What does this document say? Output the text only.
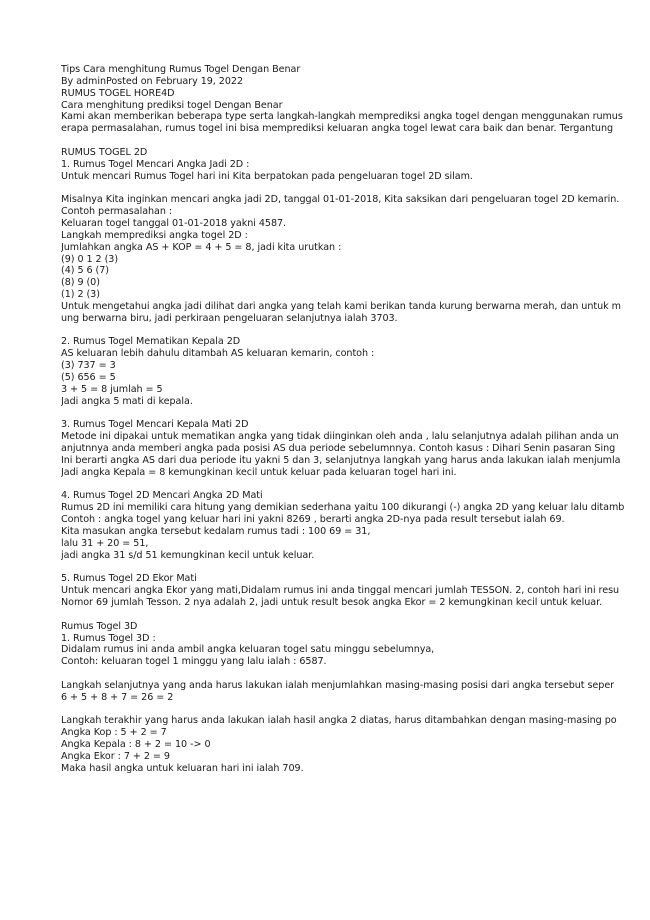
Tips Cara menghitung Rumus Togel Dengan Benar
By adminPosted on February 19, 2022
RUMUS TOGEL HORE4D
Cara menghitung prediksi togel Dengan Benar
Kami akan memberikan beberapa type serta langkah-langkah memprediksi angka togel dengan menggunakan rumus
erapa permasalahan, rumus togel ini bisa memprediksi keluaran angka togel lewat cara baik dan benar. Tergantung
RUMUS TOGEL 2D
1. Rumus Togel Mencari Angka Jadi 2D :
Untuk mencari Rumus Togel hari ini Kita berpatokan pada pengeluaran togel 2D silam.
Misalnya Kita inginkan mencari angka jadi 2D, tanggal 01-01-2018, Kita saksikan dari pengeluaran togel 2D kemarin.
Contoh permasalahan :
Keluaran togel tanggal 01-01-2018 yakni 4587.
Langkah memprediksi angka togel 2D :
Jumlahkan angka AS + KOP = 4 + 5 = 8, jadi kita urutkan :
(9) 0 1 2 (3)
(4) 5 6 (7)
(8) 9 (0)
(1) 2 (3)
Untuk mengetahui angka jadi dilihat dari angka yang telah kami berikan tanda kurung berwarna merah, dan untuk m
ung berwarna biru, jadi perkiraan pengeluaran selanjutnya ialah 3703.
2. Rumus Togel Mematikan Kepala 2D
AS keluaran lebih dahulu ditambah AS keluaran kemarin, contoh :
(3) 737 = 3
(5) 656 = 5
3 + 5 = 8 jumlah = 5
Jadi angka 5 mati di kepala.
3. Rumus Togel Mencari Kepala Mati 2D
Metode ini dipakai untuk mematikan angka yang tidak diinginkan oleh anda , lalu selanjutnya adalah pilihan anda un
anjutnnya anda memberi angka pada posisi AS dua periode sebelumnnya. Contoh kasus : Dihari Senin pasaran Sing
Ini berarti angka AS dari dua periode itu yakni 5 dan 3, selanjutnya langkah yang harus anda lakukan ialah menjumla
Jadi angka Kepala = 8 kemungkinan kecil untuk keluar pada keluaran togel hari ini.
4. Rumus Togel 2D Mencari Angka 2D Mati
Rumus 2D ini memiliki cara hitung yang demikian sederhana yaitu 100 dikurangi (-) angka 2D yang keluar lalu ditamb
Contoh : angka togel yang keluar hari ini yakni 8269 , berarti angka 2D-nya pada result tersebut ialah 69.
Kita masukan angka tersebut kedalam rumus tadi : 100 69 = 31,
lalu 31 + 20 = 51,
jadi angka 31 s/d 51 kemungkinan kecil untuk keluar.
5. Rumus Togel 2D Ekor Mati
Untuk mencari angka Ekor yang mati,Didalam rumus ini anda tinggal mencari jumlah TESSON. 2, contoh hari ini resu
Nomor 69 jumlah Tesson. 2 nya adalah 2, jadi untuk result besok angka Ekor = 2 kemungkinan kecil untuk keluar.
Rumus Togel 3D
1. Rumus Togel 3D :
Didalam rumus ini anda ambil angka keluaran togel satu minggu sebelumnya,
Contoh: keluaran togel 1 minggu yang lalu ialah : 6587.
Langkah selanjutnya yang anda harus lakukan ialah menjumlahkan masing-masing posisi dari angka tersebut seper
6 + 5 + 8 + 7 = 26 = 2
Langkah terakhir yang harus anda lakukan ialah hasil angka 2 diatas, harus ditambahkan dengan masing-masing po
Angka Kop : 5 + 2 = 7
Angka Kepala : 8 + 2 = 10 -> 0
Angka Ekor : 7 + 2 = 9
Maka hasil angka untuk keluaran hari ini ialah 709.
